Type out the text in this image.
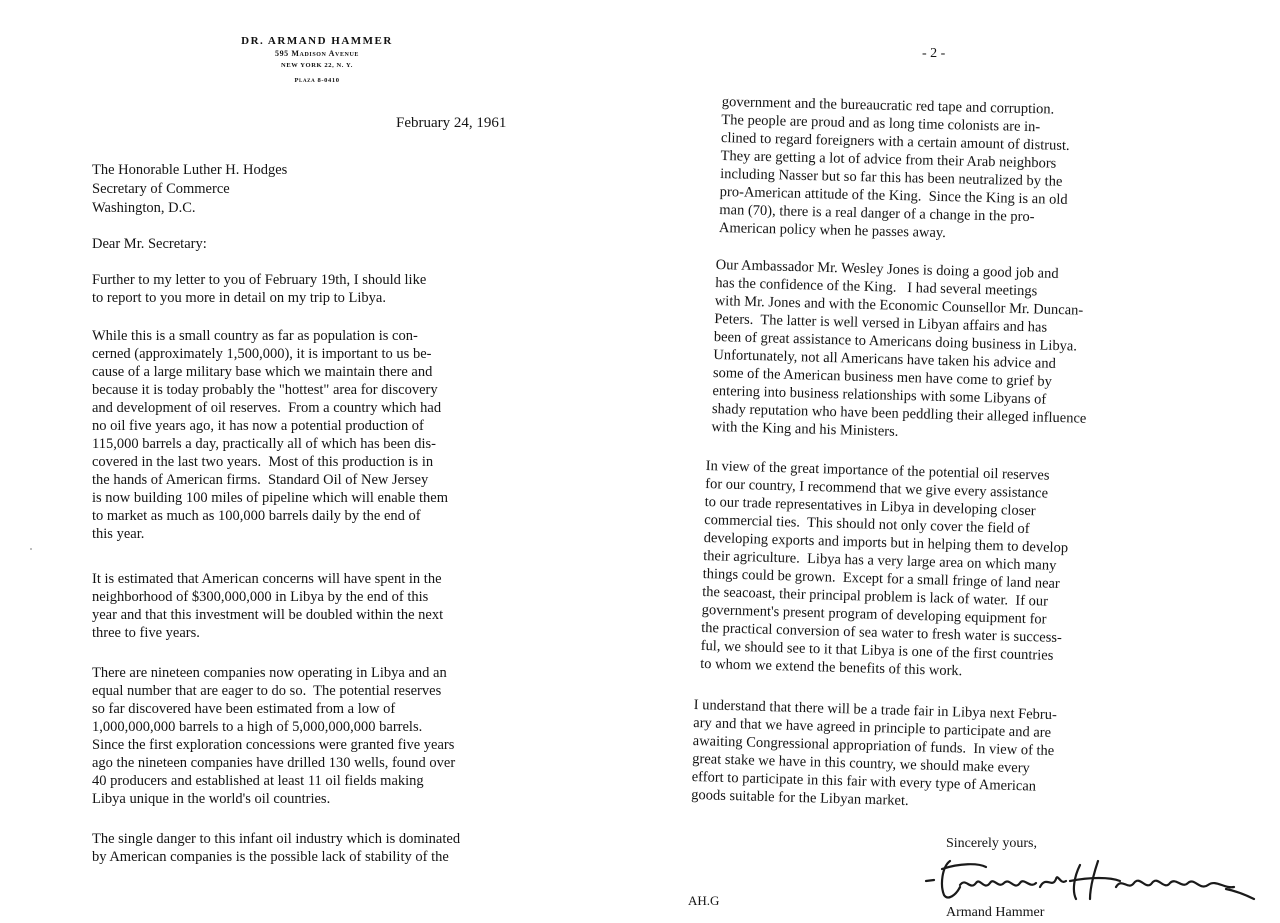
DR. ARMAND HAMMER
595 Madison Avenue
NEW YORK 22, N. Y.
Plaza 8-0410
February 24, 1961
The Honorable Luther H. Hodges
Secretary of Commerce
Washington, D.C.
Dear Mr. Secretary:

Further to my letter to you of February 19th, I should like
to report to you more in detail on my trip to Libya.

While this is a small country as far as population is con-
cerned (approximately 1,500,000), it is important to us be-
cause of a large military base which we maintain there and
because it is today probably the "hottest" area for discovery
and development of oil reserves.  From a country which had
no oil five years ago, it has now a potential production of
115,000 barrels a day, practically all of which has been dis-
covered in the last two years.  Most of this production is in
the hands of American firms.  Standard Oil of New Jersey
is now building 100 miles of pipeline which will enable them
to market as much as 100,000 barrels daily by the end of
this year.

It is estimated that American concerns will have spent in the
neighborhood of $300,000,000 in Libya by the end of this
year and that this investment will be doubled within the next
three to five years.

There are nineteen companies now operating in Libya and an
equal number that are eager to do so.  The potential reserves
so far discovered have been estimated from a low of
1,000,000,000 barrels to a high of 5,000,000,000 barrels.
Since the first exploration concessions were granted five years
ago the nineteen companies have drilled 130 wells, found over
40 producers and established at least 11 oil fields making
Libya unique in the world's oil countries.

The single danger to this infant oil industry which is dominated
by American companies is the possible lack of stability of the

- 2 -

government and the bureaucratic red tape and corruption.
The people are proud and as long time colonists are in-
clined to regard foreigners with a certain amount of distrust.
They are getting a lot of advice from their Arab neighbors
including Nasser but so far this has been neutralized by the
pro-American attitude of the King.  Since the King is an old
man (70), there is a real danger of a change in the pro-
American policy when he passes away.

Our Ambassador Mr. Wesley Jones is doing a good job and
has the confidence of the King.   I had several meetings
with Mr. Jones and with the Economic Counsellor Mr. Duncan-
Peters.  The latter is well versed in Libyan affairs and has
been of great assistance to Americans doing business in Libya.
Unfortunately, not all Americans have taken his advice and
some of the American business men have come to grief by
entering into business relationships with some Libyans of
shady reputation who have been peddling their alleged influence
with the King and his Ministers.

In view of the great importance of the potential oil reserves
for our country, I recommend that we give every assistance
to our trade representatives in Libya in developing closer
commercial ties.  This should not only cover the field of
developing exports and imports but in helping them to develop
their agriculture.  Libya has a very large area on which many
things could be grown.  Except for a small fringe of land near
the seacoast, their principal problem is lack of water.  If our
government's present program of developing equipment for
the practical conversion of sea water to fresh water is success-
ful, we should see to it that Libya is one of the first countries
to whom we extend the benefits of this work.

I understand that there will be a trade fair in Libya next Febru-
ary and that we have agreed in principle to participate and are
awaiting Congressional appropriation of funds.  In view of the
great stake we have in this country, we should make every
effort to participate in this fair with every type of American
goods suitable for the Libyan market.

Sincerely yours,
AH.G
Armand Hammer
